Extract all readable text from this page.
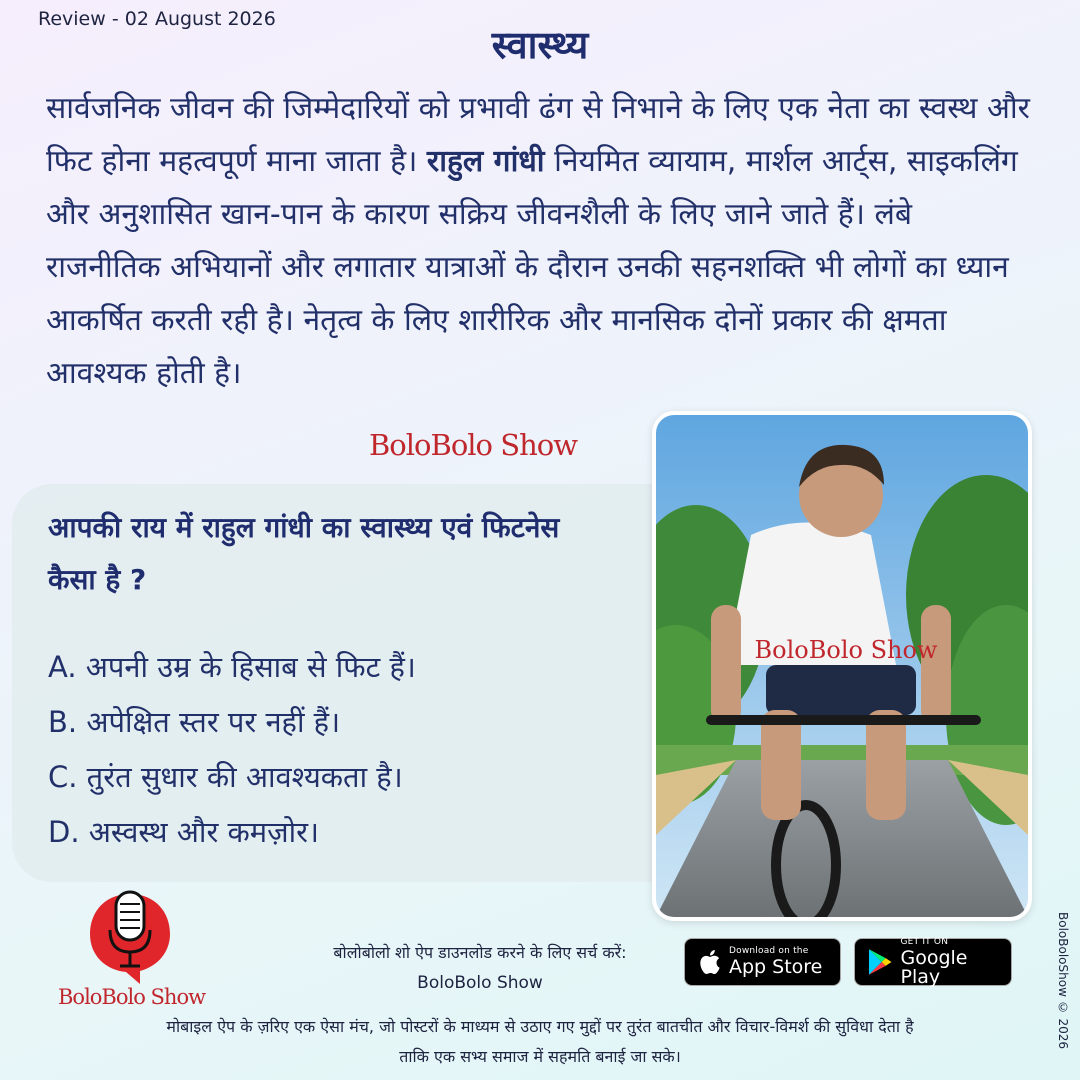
Review - 02 August 2026
स्वास्थ्य
सार्वजनिक जीवन की जिम्मेदारियों को प्रभावी ढंग से निभाने के लिए एक नेता का स्वस्थ और फिट होना महत्वपूर्ण माना जाता है। राहुल गांधी नियमित व्यायाम, मार्शल आर्ट्स, साइकलिंग और अनुशासित खान-पान के कारण सक्रिय जीवनशैली के लिए जाने जाते हैं। लंबे राजनीतिक अभियानों और लगातार यात्राओं के दौरान उनकी सहनशक्ति भी लोगों का ध्यान आकर्षित करती रही है। नेतृत्व के लिए शारीरिक और मानसिक दोनों प्रकार की क्षमता आवश्यक होती है।
BoloBolo Show
आपकी राय में राहुल गांधी का स्वास्थ्य एवं फिटनेस कैसा है ?
A. अपनी उम्र के हिसाब से फिट हैं।
B. अपेक्षित स्तर पर नहीं हैं।
C. तुरंत सुधार की आवश्यकता है।
D. अस्वस्थ और कमज़ोर।
BoloBolo Show
BoloBolo Show
बोलोबोलो शो ऐप डाउनलोड करने के लिए सर्च करें:
BoloBolo Show
Download on the
App Store
GET IT ON
Google Play
मोबाइल ऐप के ज़रिए एक ऐसा मंच, जो पोस्टरों के माध्यम से उठाए गए मुद्दों पर तुरंत बातचीत और विचार-विमर्श की सुविधा देता है
ताकि एक सभ्य समाज में सहमति बनाई जा सके।
BoloBoloShow © 2026
